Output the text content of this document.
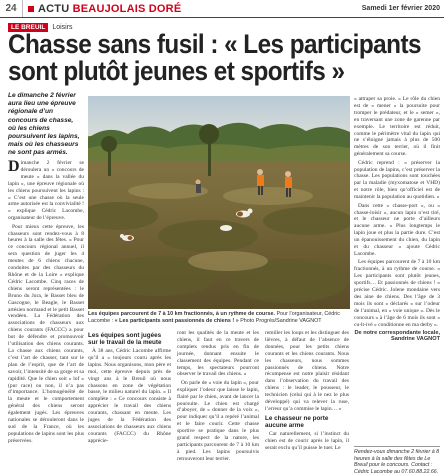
24	ACTU BEAUJOLAIS DORÉ	Samedi 1er février 2020
LE BREUIL	Loisirs
Chasse sans fusil : « Les participants
sont plutôt jeunes et sportifs »
Le dimanche 2 février aura lieu une épreuve régionale d’un concours de chasse, où les chiens poursuivent les lapins, mais où les chasseurs ne sont pas armés.
D imanche 2 février se déroulera un « concours de meute » dans la vallée du lapin », une épreuve régionale où les chiens poursuivent les lapins : « C’est une chasse où la seule arme autorisée est la convivialité ! » explique Cédric Lacombe, organisateur de l’épreuve.

Pour mieux cette épreuve, les chasseurs sont rendez-vous à 8 heures à la salle des fêtes. « Pour ce concours régional annuel, il sera question de juger les 4 meutes de 6 chiens chacune, conduites par des chasseurs du Rhône et de la Loire » explique Cédric Lacombe. Cinq races de chiens seront représentées : le Bruno du Jura, le Basset bleu de Gascogne, le Beagle, le Basset artésien normand et le petit Basset vendéen. La Fédération des associations de chasseurs aux chiens courants (FACCC) a pour but de défendre et promouvoir l’utilisation des chiens courants. La chasse aux chiens courants, c’est l’art de chasser, tant sur le plan de l’esprit, que de l’art de savoir, l’intensité de sa gorge et sa rapidité. Que le chien soit « lof » (pur race) ou non, il n’a pas d’importance. L’homogénéité de la meute et le comportement général des chiens seront également jugés. Les épreuves nationales se dérouleront dans le sud de la France, où les populations de lapins sont les plus préservées.

Les équipes parcourent de 7 à 10 km fractionnés, à un rythme de course. Pour l’organisateur, Cédric Lacombe : « Les participants sont passionnés de chiens ! » Photo Progrès/Sandrine VAGNOT
Les équipes sont jugées sur le travail de la meute

À 38 ans, Cédric Lacombe affirme qu’il a « toujours couru après les lapins. Nous organisons, mon père et moi, cette épreuve depuis près de vingt ans à le Breuil où nous chassons en zone de végétation basse, le milieu naturel du lapin. » Il complète : « Ce concours consiste à apprécier le travail des chiens courants, chassant en meute. Les juges de la Fédération des associations de chasseurs aux chiens courants (FACCC) du Rhône apprécie-

ront les qualités de la meute et les chiens, il faut en ce travers de complets rendus pris en fin de journée, donnant ensuite le classement des équipes. Pendant ce temps, les spectateurs pourront observer le travail des chiens. »

On parle de « voie du lapin », pour expliquer l’odeur que laisse le lapin, flairé par le chien, avant de lancer la poursuite. Le chien est chargé d’aboyer, de « donner de la voix », pour indiquer qu’il a repéré l’animal et le faire courir. Cette chasse sportive se pratique dans le plus grand respect de la nature, les participants parcourent de 7 à 10 km à pied. Les lapins poursuivis retrouveront leur terrier.

remiller les loups et les distinguer des lièvres, à défaut de l’absence de données, pour les petits chiens courants et les chiens courants. Nous les chasseurs, nous sommes passionnés de chiens. Notre récompense est notre plaisir résidant dans l’observation du travail des chiens : le leader, le pousseur, le technicien (celui qui à le nez le plus développé) qui va relever la ruse, l’erreur qu’a commise le lapin… »

Le chasseur ne porte aucune arme

Car naturellement, si l’instinct du chien est de courir après le lapin, il serait exclu qu’il puisse le tuer. Le

« attraper sa proie. » Le rôle du chien est de « mener » la poursuite pour tromper le prédateur, et le « semer », en traversant une zone de garenne par exemple. Le territoire est réduit, comme le périmètre vital du lapin qui ne s’éloigne jamais à plus de 500 mètres de son terrier, où il finit généralement sa course.

Cédric reprend : « préserver la population de lapins, c’est préserver la chasse. Les populations sont touchées par la maladie (myxomatose et VHD) et notre rôle, bien qu’officiel est de maintenir la population au quotidien. »

Dans cette « chasse-port », ou « chasse-loisir », aucun lapin n’est tiré, et le chasseur ne porte d’ailleurs aucune arme. « Plus longtemps le lapin joue et plus la partie dure. C’est un épanouissement du chien, du lapin et du chasseur » ajoute Cédric Lacombe.

Les équipes parcourent de 7 à 10 km fractionnés, à un rythme de course. « Les participants sont plutôt jeunes, sportifs… Et passionnés de chiens ! » précise Cédric. Jolene mondaine vers des aine de chiens. Des l’âge de 3 mois ils sont « déclarés » sur l’odeur de l’animal, en « voie unique ». Dès le concours « à l’âge de 6 mois ils sont « cu-lt-ivé » conditionne en ma derby ».

De notre correspondante locale, Sandrine VAGNOT
Rendez-vous dimanche 2 février à 8 heures à la salle des fêtes de Le Breuil pour le concours. Contact : Cédric Lacombe au 07.60.88.22.66.
